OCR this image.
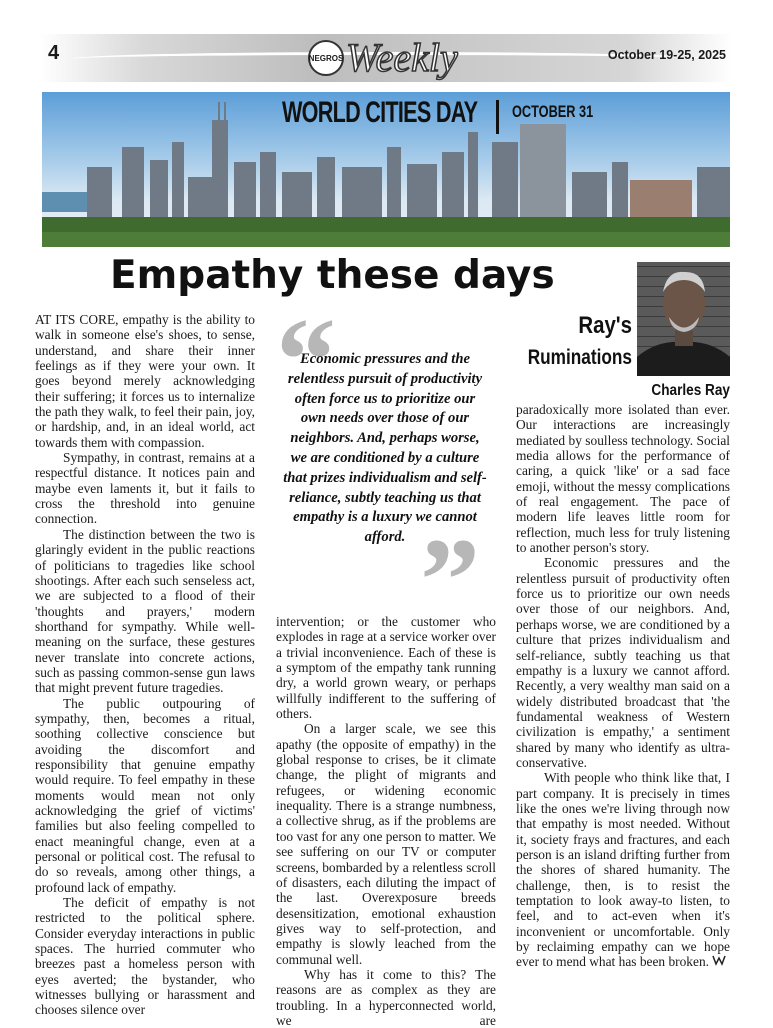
4	NEGROS Weekly	October 19-25, 2025
WORLD CITIES DAY OCTOBER 31
Empathy these days

AT ITS CORE, empathy is the ability to walk in someone else's shoes, to sense, understand, and share their inner feelings as if they were your own. It goes beyond merely acknowledging their suffering; it forces us to internalize the path they walk, to feel their pain, joy, or hardship, and, in an ideal world, act towards them with compassion.

Sympathy, in contrast, remains at a respectful distance. It notices pain and maybe even laments it, but it fails to cross the threshold into genuine connection.

The distinction between the two is glaringly evident in the public reactions of politicians to tragedies like school shootings. After each such senseless act, we are subjected to a flood of their 'thoughts and prayers,' modern shorthand for sympathy. While well-meaning on the surface, these gestures never translate into concrete actions, such as passing common-sense gun laws that might prevent future tragedies.

The public outpouring of sympathy, then, becomes a ritual, soothing collective conscience but avoiding the discomfort and responsibility that genuine empathy would require. To feel empathy in these moments would mean not only acknowledging the grief of victims' families but also feeling compelled to enact meaningful change, even at a personal or political cost. The refusal to do so reveals, among other things, a profound lack of empathy.

The deficit of empathy is not restricted to the political sphere. Consider everyday interactions in public spaces. The hurried commuter who breezes past a homeless person with eyes averted; the bystander, who witnesses bullying or harassment and chooses silence over

“
”
Economic pressures and the relentless pursuit of productivity often force us to prioritize our own needs over those of our neighbors. And, perhaps worse, we are conditioned by a culture that prizes individualism and self-reliance, subtly teaching us that empathy is a luxury we cannot afford.

intervention; or the customer who explodes in rage at a service worker over a trivial inconvenience. Each of these is a symptom of the empathy tank running dry, a world grown weary, or perhaps willfully indifferent to the suffering of others.

On a larger scale, we see this apathy (the opposite of empathy) in the global response to crises, be it climate change, the plight of migrants and refugees, or widening economic inequality. There is a strange numbness, a collective shrug, as if the problems are too vast for any one person to matter. We see suffering on our TV or computer screens, bombarded by a relentless scroll of disasters, each diluting the impact of the last. Overexposure breeds desensitization, emotional exhaustion gives way to self-protection, and empathy is slowly leached from the communal well.

Why has it come to this? The reasons are as complex as they are troubling. In a hyperconnected world, we are

Ray's
Ruminations
Charles Ray

paradoxically more isolated than ever. Our interactions are increasingly mediated by soulless technology. Social media allows for the performance of caring, a quick 'like' or a sad face emoji, without the messy complications of real engagement. The pace of modern life leaves little room for reflection, much less for truly listening to another person's story.

Economic pressures and the relentless pursuit of productivity often force us to prioritize our own needs over those of our neighbors. And, perhaps worse, we are conditioned by a culture that prizes individualism and self-reliance, subtly teaching us that empathy is a luxury we cannot afford. Recently, a very wealthy man said on a widely distributed broadcast that 'the fundamental weakness of Western civilization is empathy,' a sentiment shared by many who identify as ultra-conservative.

With people who think like that, I part company. It is precisely in times like the ones we're living through now that empathy is most needed. Without it, society frays and fractures, and each person is an island drifting further from the shores of shared humanity. The challenge, then, is to resist the temptation to look away-to listen, to feel, and to act-even when it's inconvenient or uncomfortable. Only by reclaiming empathy can we hope ever to mend what has been broken.
